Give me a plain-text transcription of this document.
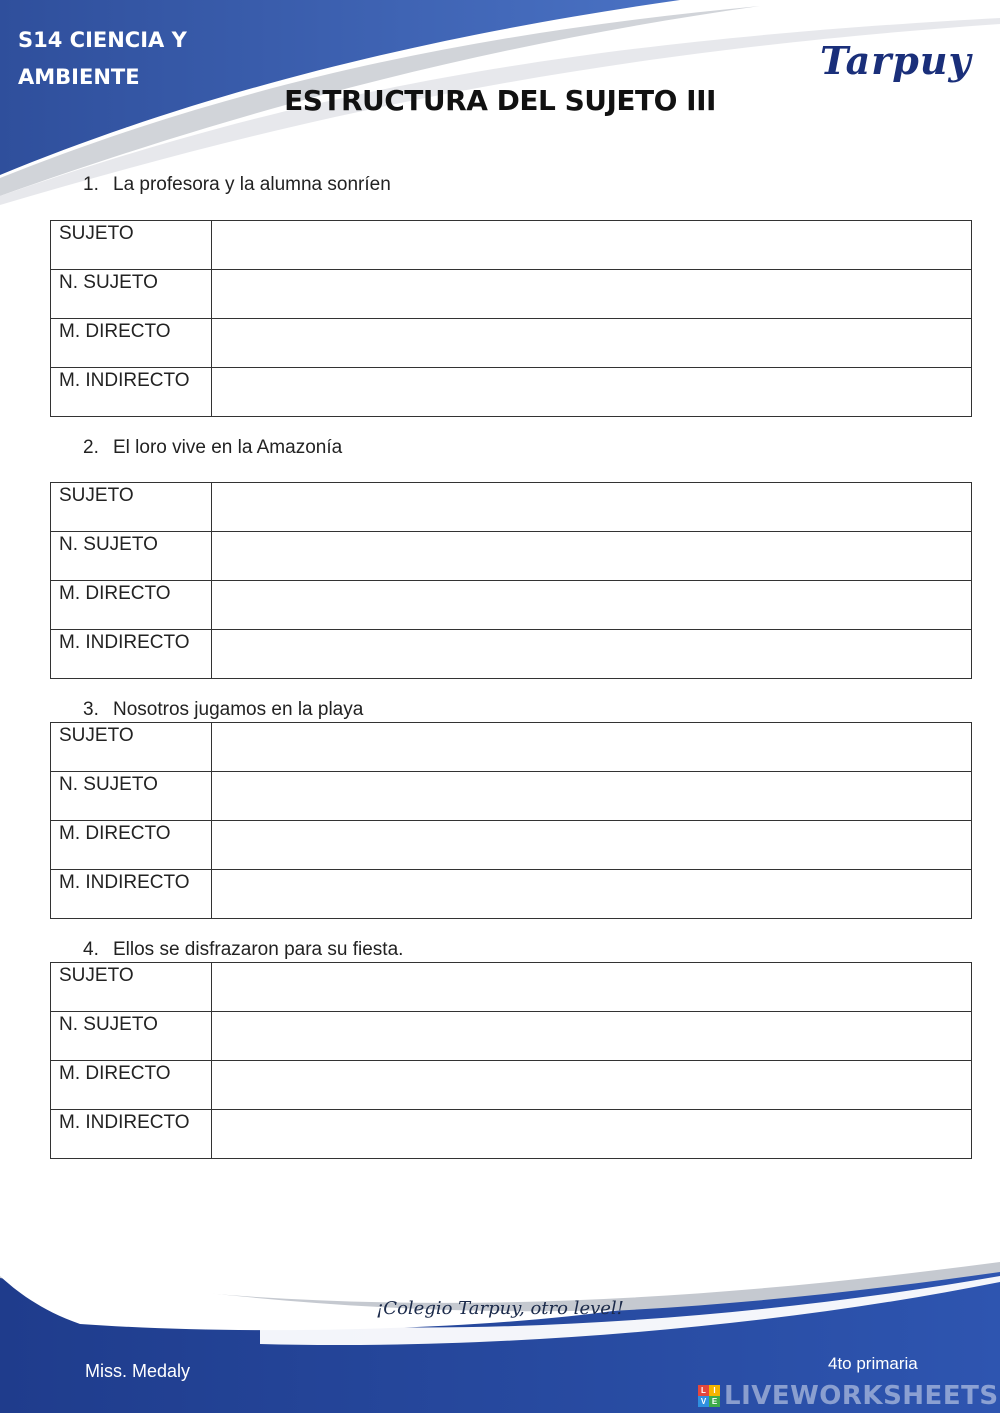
S14 CIENCIA Y
AMBIENTE	Tarpuy
ESTRUCTURA DEL SUJETO III
1. La profesora y la alumna sonríen
SUJETO	
N. SUJETO	
M. DIRECTO	
M. INDIRECTO	
2. El loro vive en la Amazonía
SUJETO	
N. SUJETO	
M. DIRECTO	
M. INDIRECTO	
3. Nosotros jugamos en la playa
SUJETO	
N. SUJETO	
M. DIRECTO	
M. INDIRECTO	
4. Ellos se disfrazaron para su fiesta.
SUJETO	
N. SUJETO	
M. DIRECTO	
M. INDIRECTO	
¡Colegio Tarpuy, otro level!
Miss. Medaly	4to primaria
L I
V E LIVEWORKSHEETS
